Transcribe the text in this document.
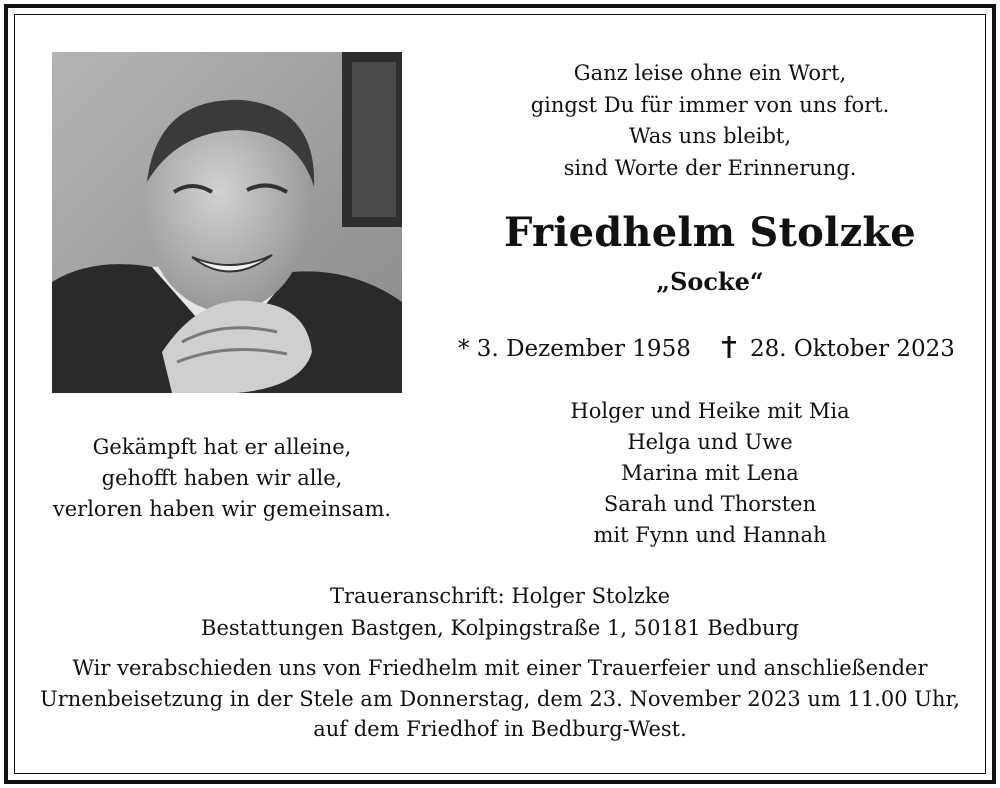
Ganz leise ohne ein Wort,
gingst Du für immer von uns fort.
Was uns bleibt,
sind Worte der Erinnerung.
Friedhelm Stolzke
„Socke“
* 3. Dezember 1958	28. Oktober 2023
Holger und Heike mit Mia
Helga und Uwe
Marina mit Lena
Sarah und Thorsten
mit Fynn und Hannah
Gekämpft hat er alleine,
gehofft haben wir alle,
verloren haben wir gemeinsam.
Traueranschrift: Holger Stolzke
Bestattungen Bastgen, Kolpingstraße 1, 50181 Bedburg
Wir verabschieden uns von Friedhelm mit einer Trauerfeier und anschließender
Urnenbeisetzung in der Stele am Donnerstag, dem 23. November 2023 um 11.00 Uhr,
auf dem Friedhof in Bedburg-West.
